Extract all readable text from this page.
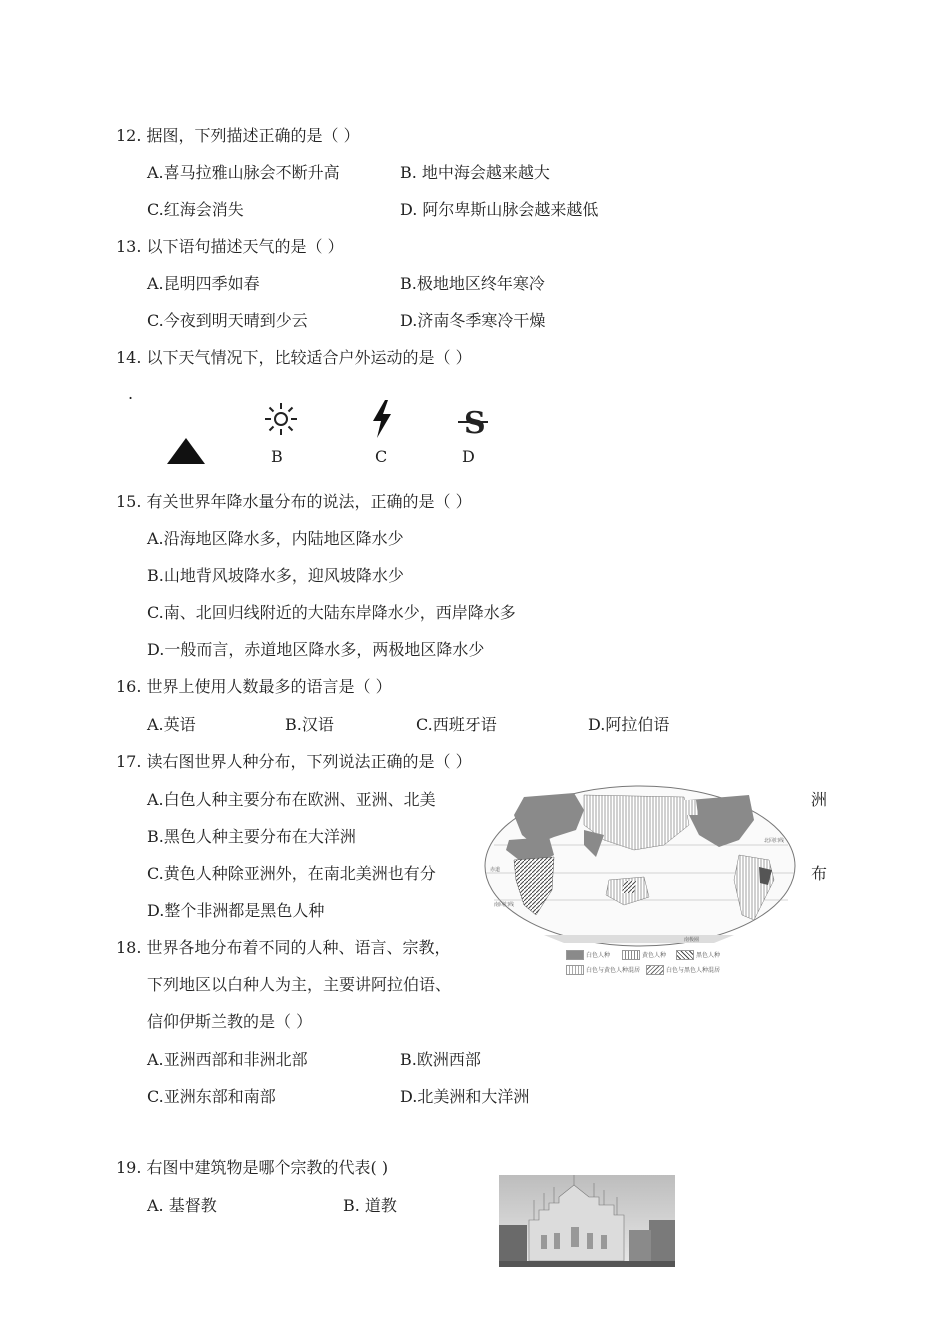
12. 据图，下列描述正确的是（ ）
A.喜马拉雅山脉会不断升高	B. 地中海会越来越大
C.红海会消失	D. 阿尔卑斯山脉会越来越低
13. 以下语句描述天气的是（ ）
A.昆明四季如春	B.极地地区终年寒冷
C.今夜到明天晴到少云	D.济南冬季寒冷干燥
14. 以下天气情况下，比较适合户外运动的是（ ）
.
B	C
S
D
15. 有关世界年降水量分布的说法，正确的是（ ）
A.沿海地区降水多，内陆地区降水少
B.山地背风坡降水多，迎风坡降水少
C.南、北回归线附近的大陆东岸降水少，西岸降水多
D.一般而言，赤道地区降水多，两极地区降水少
16. 世界上使用人数最多的语言是（ ）
A.英语	B.汉语	C.西班牙语	D.阿拉伯语
17. 读右图世界人种分布，下列说法正确的是（ ）
A.白色人种主要分布在欧洲、亚洲、北美	洲
B.黑色人种主要分布在大洋洲
C.黄色人种除亚洲外，在南北美洲也有分	布
D.整个非洲都是黑色人种
赤道
南回归线
北回归线
南极圈
白色人种	黄色人种	黑色人种
白色与黄色人种混居	白色与黑色人种混居
18. 世界各地分布着不同的人种、语言、宗教，
下列地区以白种人为主，主要讲阿拉伯语、
信仰伊斯兰教的是（ ）
A.亚洲西部和非洲北部	B.欧洲西部
C.亚洲东部和南部	D.北美洲和大洋洲
19. 右图中建筑物是哪个宗教的代表( )
A. 基督教	B. 道教
